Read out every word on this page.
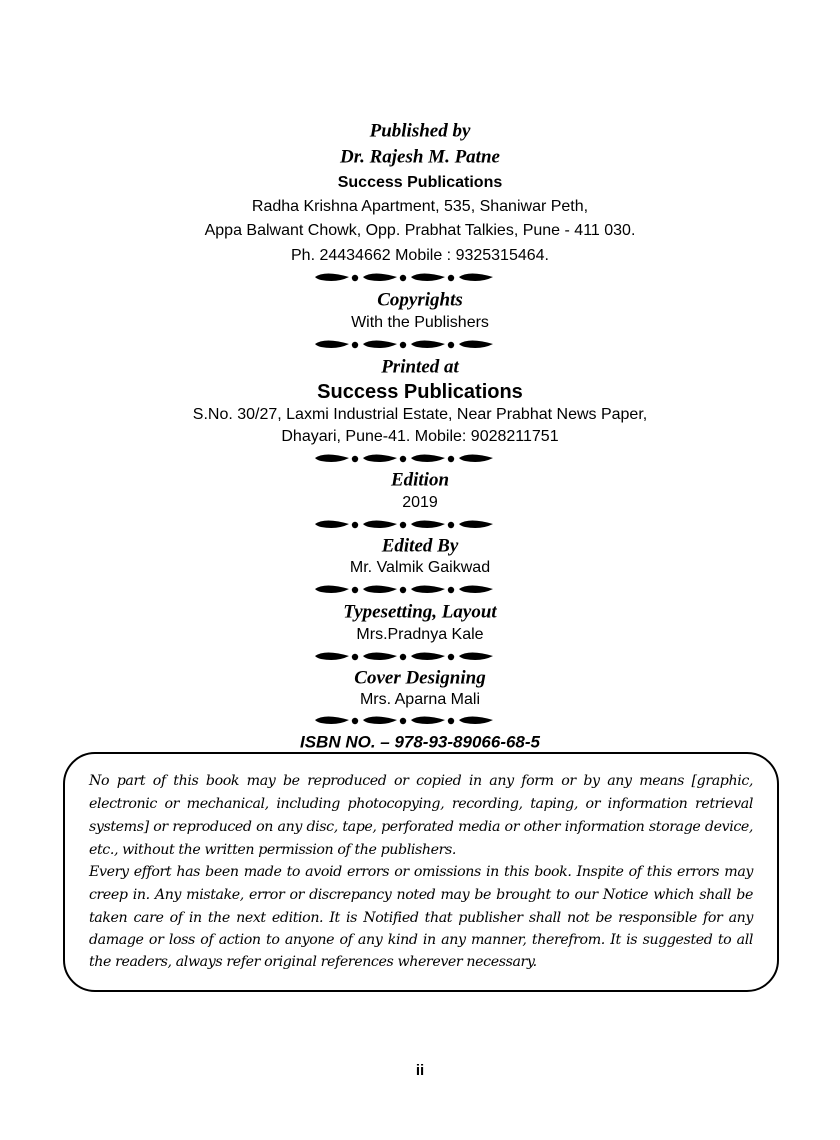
Published by
Dr. Rajesh M. Patne
Success Publications
Radha Krishna Apartment, 535, Shaniwar Peth,
Appa Balwant Chowk, Opp. Prabhat Talkies, Pune - 411 030.
Ph. 24434662 Mobile : 9325315464.
Copyrights
With the Publishers
Printed at
Success Publications
S.No. 30/27, Laxmi Industrial Estate, Near Prabhat News Paper,
Dhayari, Pune-41. Mobile: 9028211751
Edition
2019
Edited By
Mr. Valmik Gaikwad
Typesetting, Layout
Mrs.Pradnya Kale
Cover Designing
Mrs. Aparna Mali
ISBN NO. – 978-93-89066-68-5
No part of this book may be reproduced or copied in any form or by any means [graphic,
electronic or mechanical, including photocopying, recording, taping, or information retrieval
systems] or reproduced on any disc, tape, perforated media or other information storage device,
etc., without the written permission of the publishers.
Every effort has been made to avoid errors or omissions in this book. Inspite of this errors may
creep in. Any mistake, error or discrepancy noted may be brought to our Notice which shall be
taken care of in the next edition. It is Notified that publisher shall not be responsible for any
damage or loss of action to anyone of any kind in any manner, therefrom. It is suggested to all
the readers, always refer original references wherever necessary.
ii
